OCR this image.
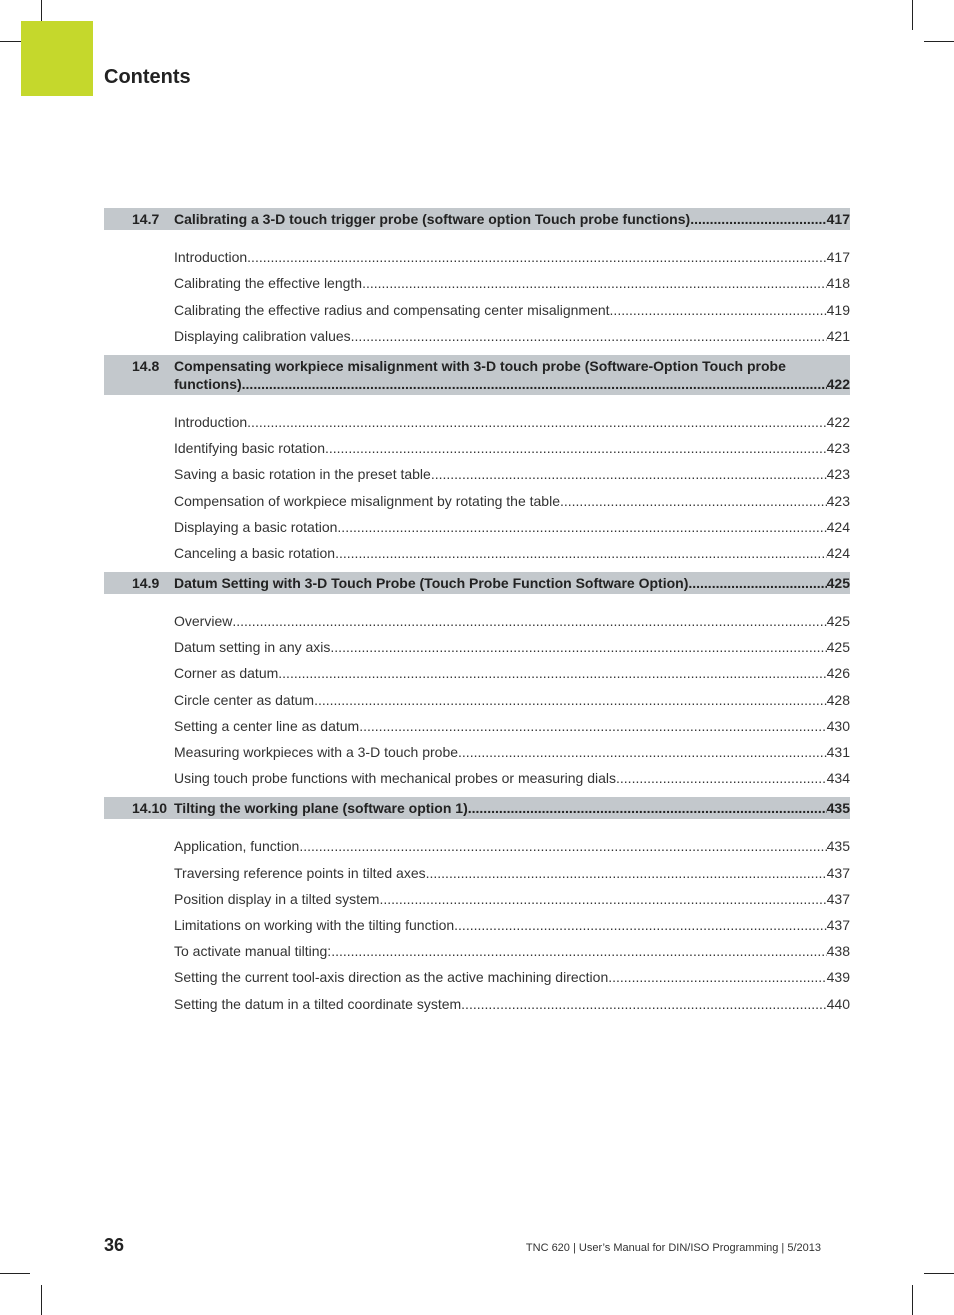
Contents
14.7	Calibrating a 3-D touch trigger probe (software option Touch probe functions) .....	417
Introduction .....	417
Calibrating the effective length .....	418
Calibrating the effective radius and compensating center misalignment .....	419
Displaying calibration values .....	421
14.8	Compensating workpiece misalignment with 3-D touch probe (Software-Option Touch probe
functions) .....	422
Introduction .....	422
Identifying basic rotation .....	423
Saving a basic rotation in the preset table .....	423
Compensation of workpiece misalignment by rotating the table .....	423
Displaying a basic rotation .....	424
Canceling a basic rotation .....	424
14.9	Datum Setting with 3-D Touch Probe (Touch Probe Function Software Option) .....	425
Overview .....	425
Datum setting in any axis .....	425
Corner as datum .....	426
Circle center as datum .....	428
Setting a center line as datum .....	430
Measuring workpieces with a 3-D touch probe .....	431
Using touch probe functions with mechanical probes or measuring dials .....	434
14.10 Tilting the working plane (software option 1) .....	435
Application, function .....	435
Traversing reference points in tilted axes .....	437
Position display in a tilted system .....	437
Limitations on working with the tilting function .....	437
To activate manual tilting: .....	438
Setting the current tool-axis direction as the active machining direction .....	439
Setting the datum in a tilted coordinate system .....	440
36	TNC 620 | User’s Manual for DIN/ISO Programming | 5/2013
